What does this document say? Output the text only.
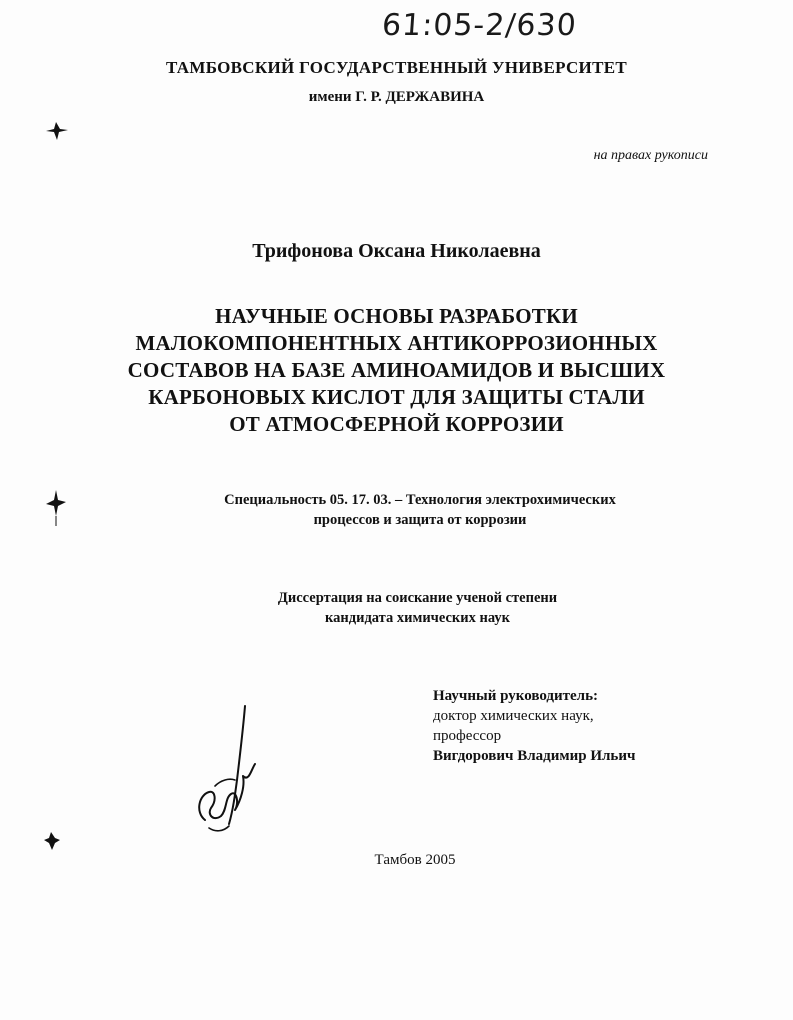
61:05-2/630
ТАМБОВСКИЙ ГОСУДАРСТВЕННЫЙ УНИВЕРСИТЕТ
имени Г. Р. ДЕРЖАВИНА
на правах рукописи
Трифонова Оксана Николаевна
НАУЧНЫЕ ОСНОВЫ РАЗРАБОТКИ
МАЛОКОМПОНЕНТНЫХ АНТИКОРРОЗИОННЫХ
СОСТАВОВ НА БАЗЕ АМИНОАМИДОВ И ВЫСШИХ
КАРБОНОВЫХ КИСЛОТ ДЛЯ ЗАЩИТЫ СТАЛИ
ОТ АТМОСФЕРНОЙ КОРРОЗИИ
Специальность 05. 17. 03. – Технология электрохимических
процессов и защита от коррозии
Диссертация на соискание ученой степени
кандидата химических наук
Научный руководитель:
доктор химических наук,
профессор
Вигдорович Владимир Ильич
Тамбов 2005
